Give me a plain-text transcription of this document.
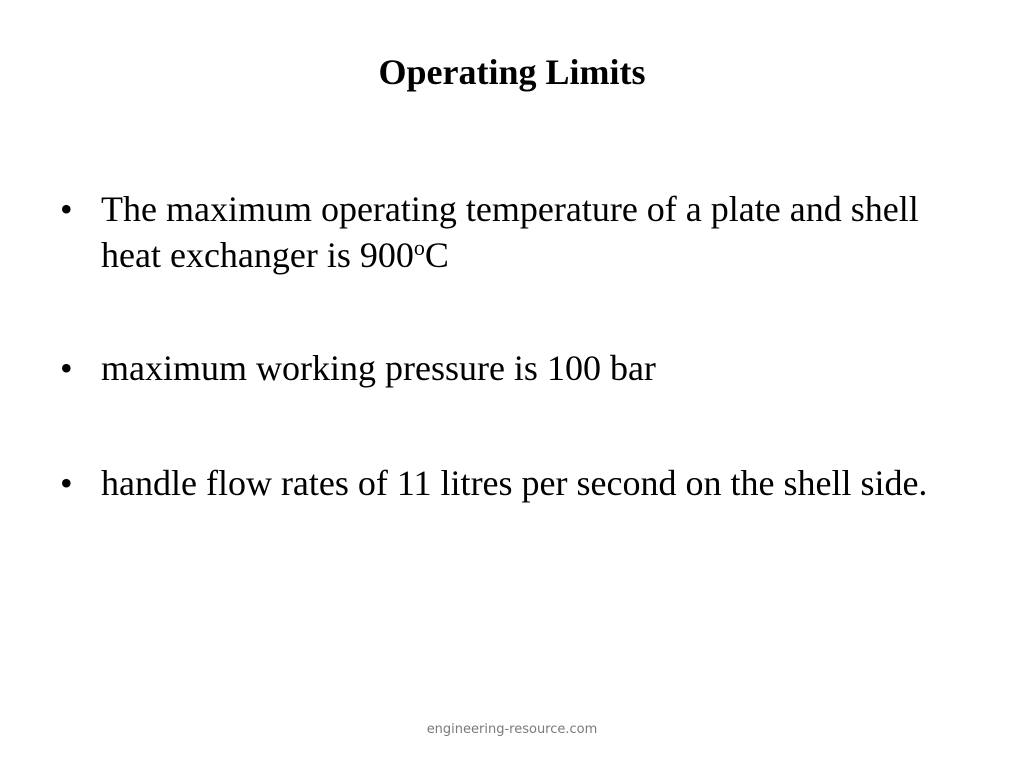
Operating Limits
• The maximum operating temperature of a plate and shell heat exchanger is 900$^o$C
• maximum working pressure is 100 bar
• handle flow rates of 11 litres per second on the shell side.
engineering-resource.com
